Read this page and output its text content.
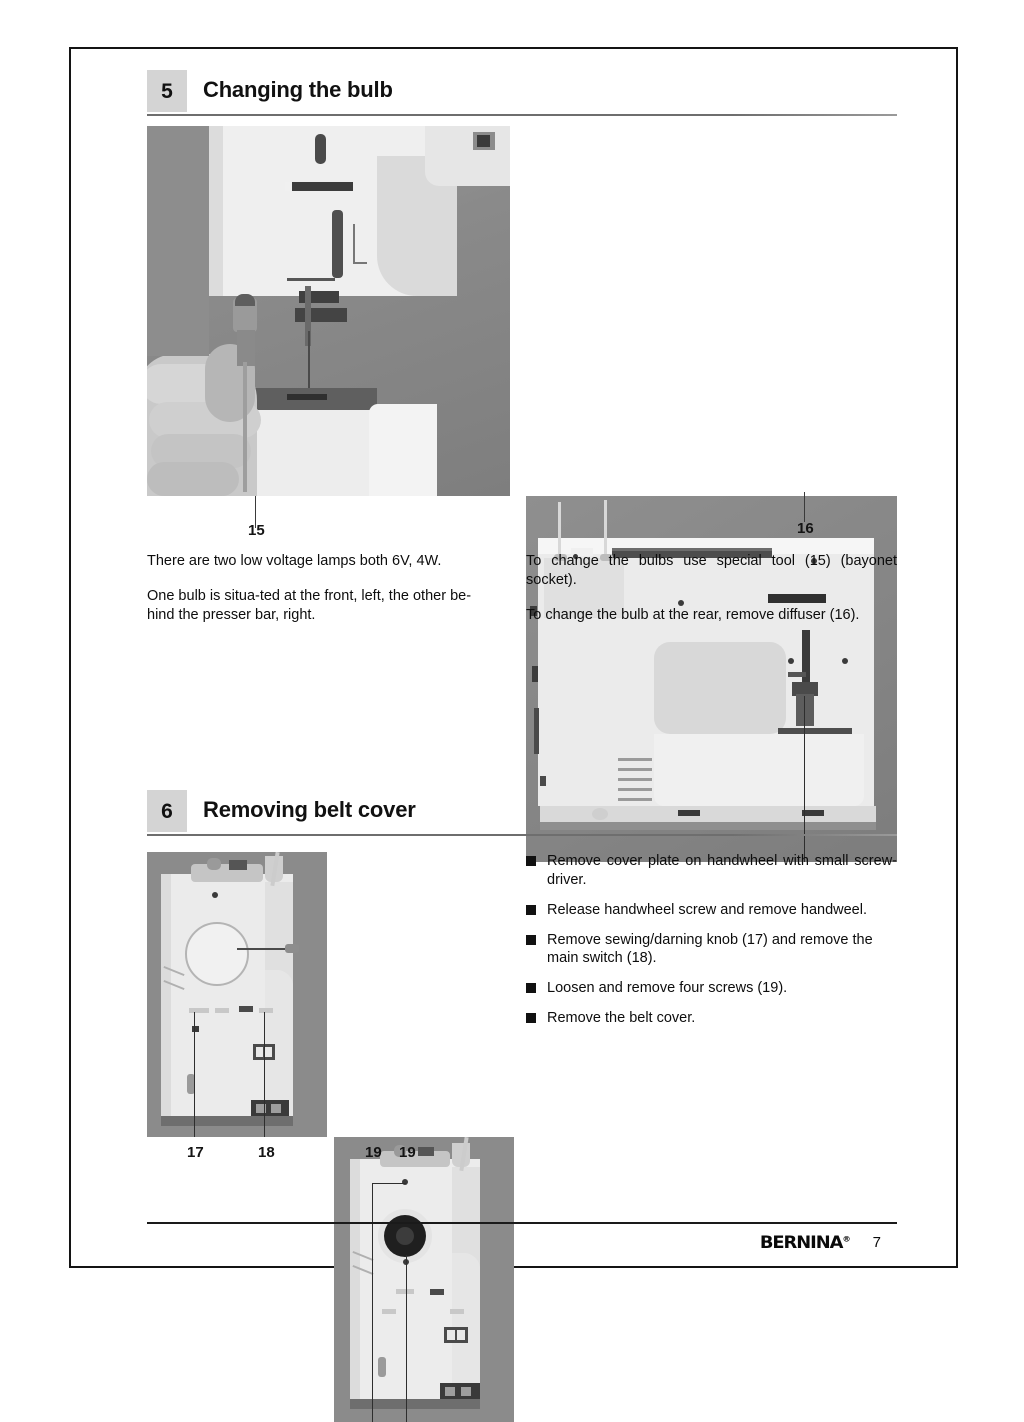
5 Changing the bulb
15	16

There are two low voltage lamps both 6V, 4W.

One bulb is situa-ted at the front, left, the other be-hind the presser bar, right.

To change the bulbs use special tool (15) (bayonet socket).

To change the bulb at the rear, remove diffuser (16).

6 Removing belt cover
17	18	19 19
Remove cover plate on handwheel with small screw-driver.
Release handwheel screw and remove handweel.
Remove sewing/darning knob (17) and remove the main switch (18).
Loosen and remove four screws (19).
Remove the belt cover.
BERNINA® 7
